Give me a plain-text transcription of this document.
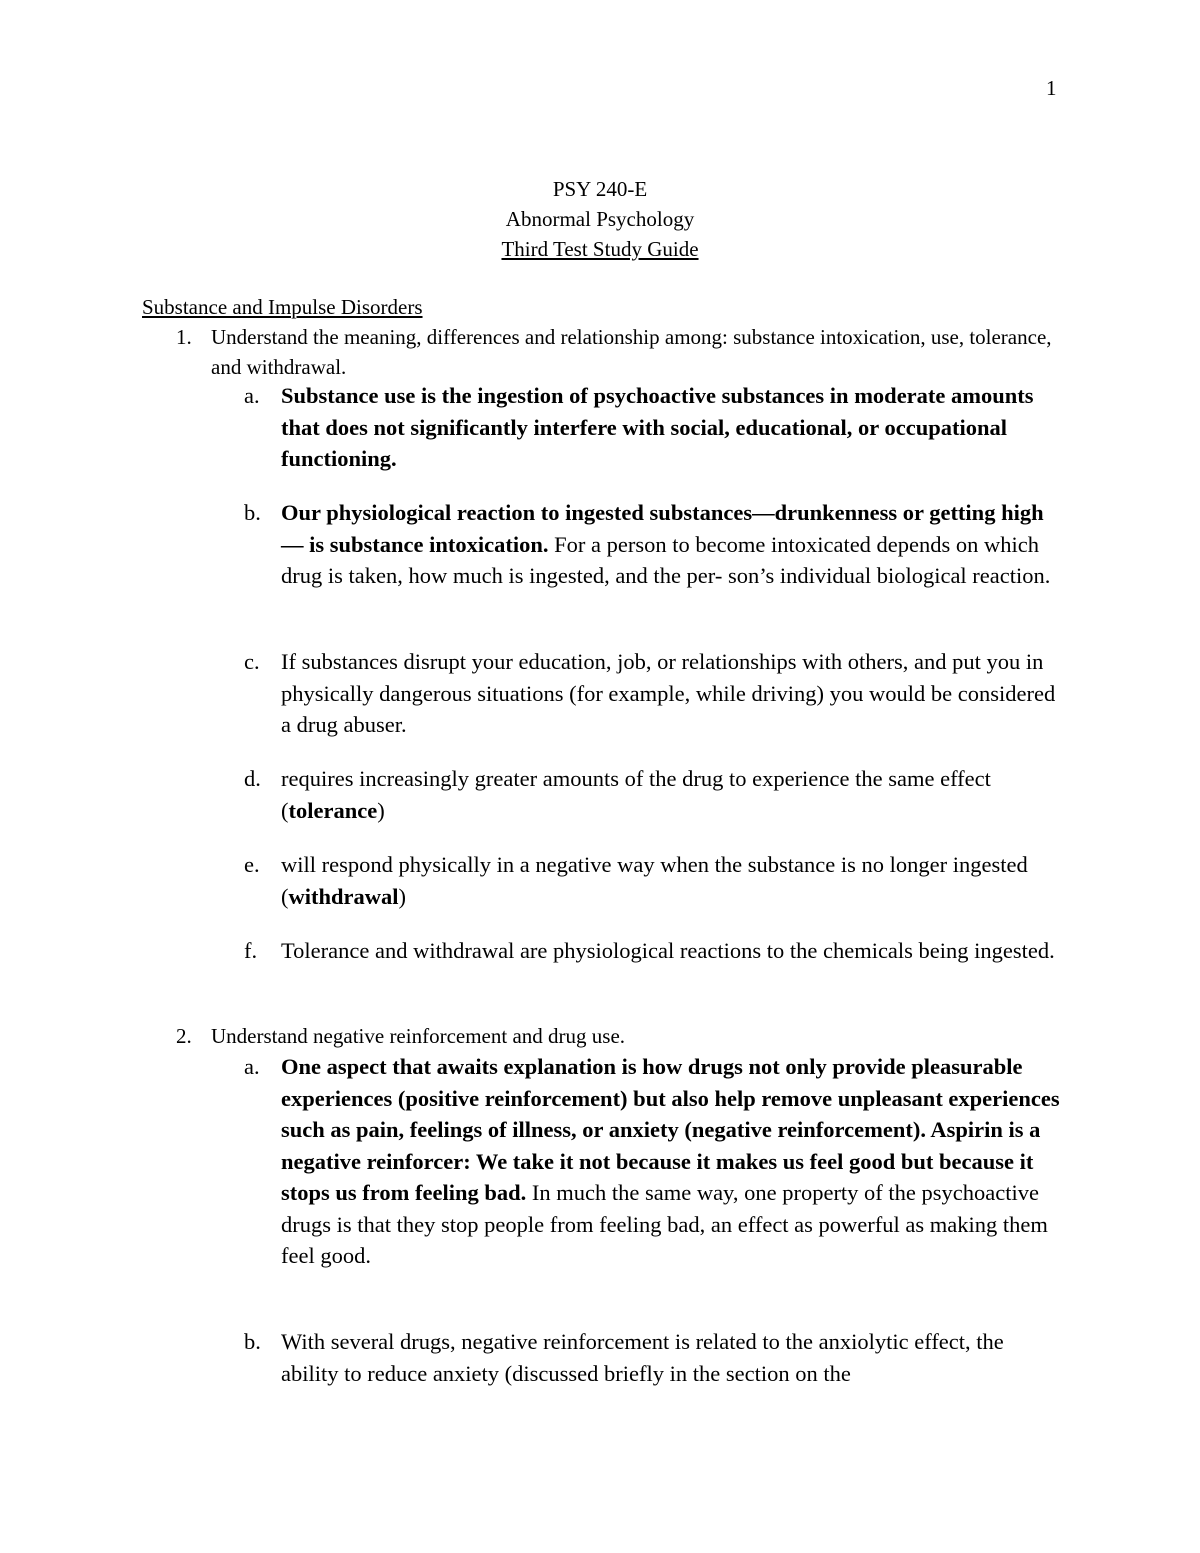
1
PSY 240-E
Abnormal Psychology
Third Test Study Guide
Substance and Impulse Disorders
1. Understand the meaning, differences and relationship among: substance intoxication, use, tolerance, and withdrawal.
a. Substance use is the ingestion of psychoactive substances in moderate amounts that does not significantly interfere with social, educational, or occupational functioning.
b. Our physiological reaction to ingested substances—drunkenness or getting high— is substance intoxication. For a person to become intoxicated depends on which drug is taken, how much is ingested, and the per- son’s individual biological reaction.
c. If substances disrupt your education, job, or relationships with others, and put you in physically dangerous situations (for example, while driving) you would be considered a drug abuser.
d. requires increasingly greater amounts of the drug to experience the same effect (tolerance)
e. will respond physically in a negative way when the substance is no longer ingested (withdrawal)
f.	Tolerance and withdrawal are physiological reactions to the chemicals being ingested.
2. Understand negative reinforcement and drug use.
a. One aspect that awaits explanation is how drugs not only provide pleasurable experiences (positive reinforcement) but also help remove unpleasant experiences such as pain, feelings of illness, or anxiety (negative reinforcement). Aspirin is a negative reinforcer: We take it not because it makes us feel good but because it stops us from feeling bad. In much the same way, one property of the psychoactive drugs is that they stop people from feeling bad, an effect as powerful as making them feel good.
b. With several drugs, negative reinforcement is related to the anxiolytic effect, the ability to reduce anxiety (discussed briefly in the section on the
